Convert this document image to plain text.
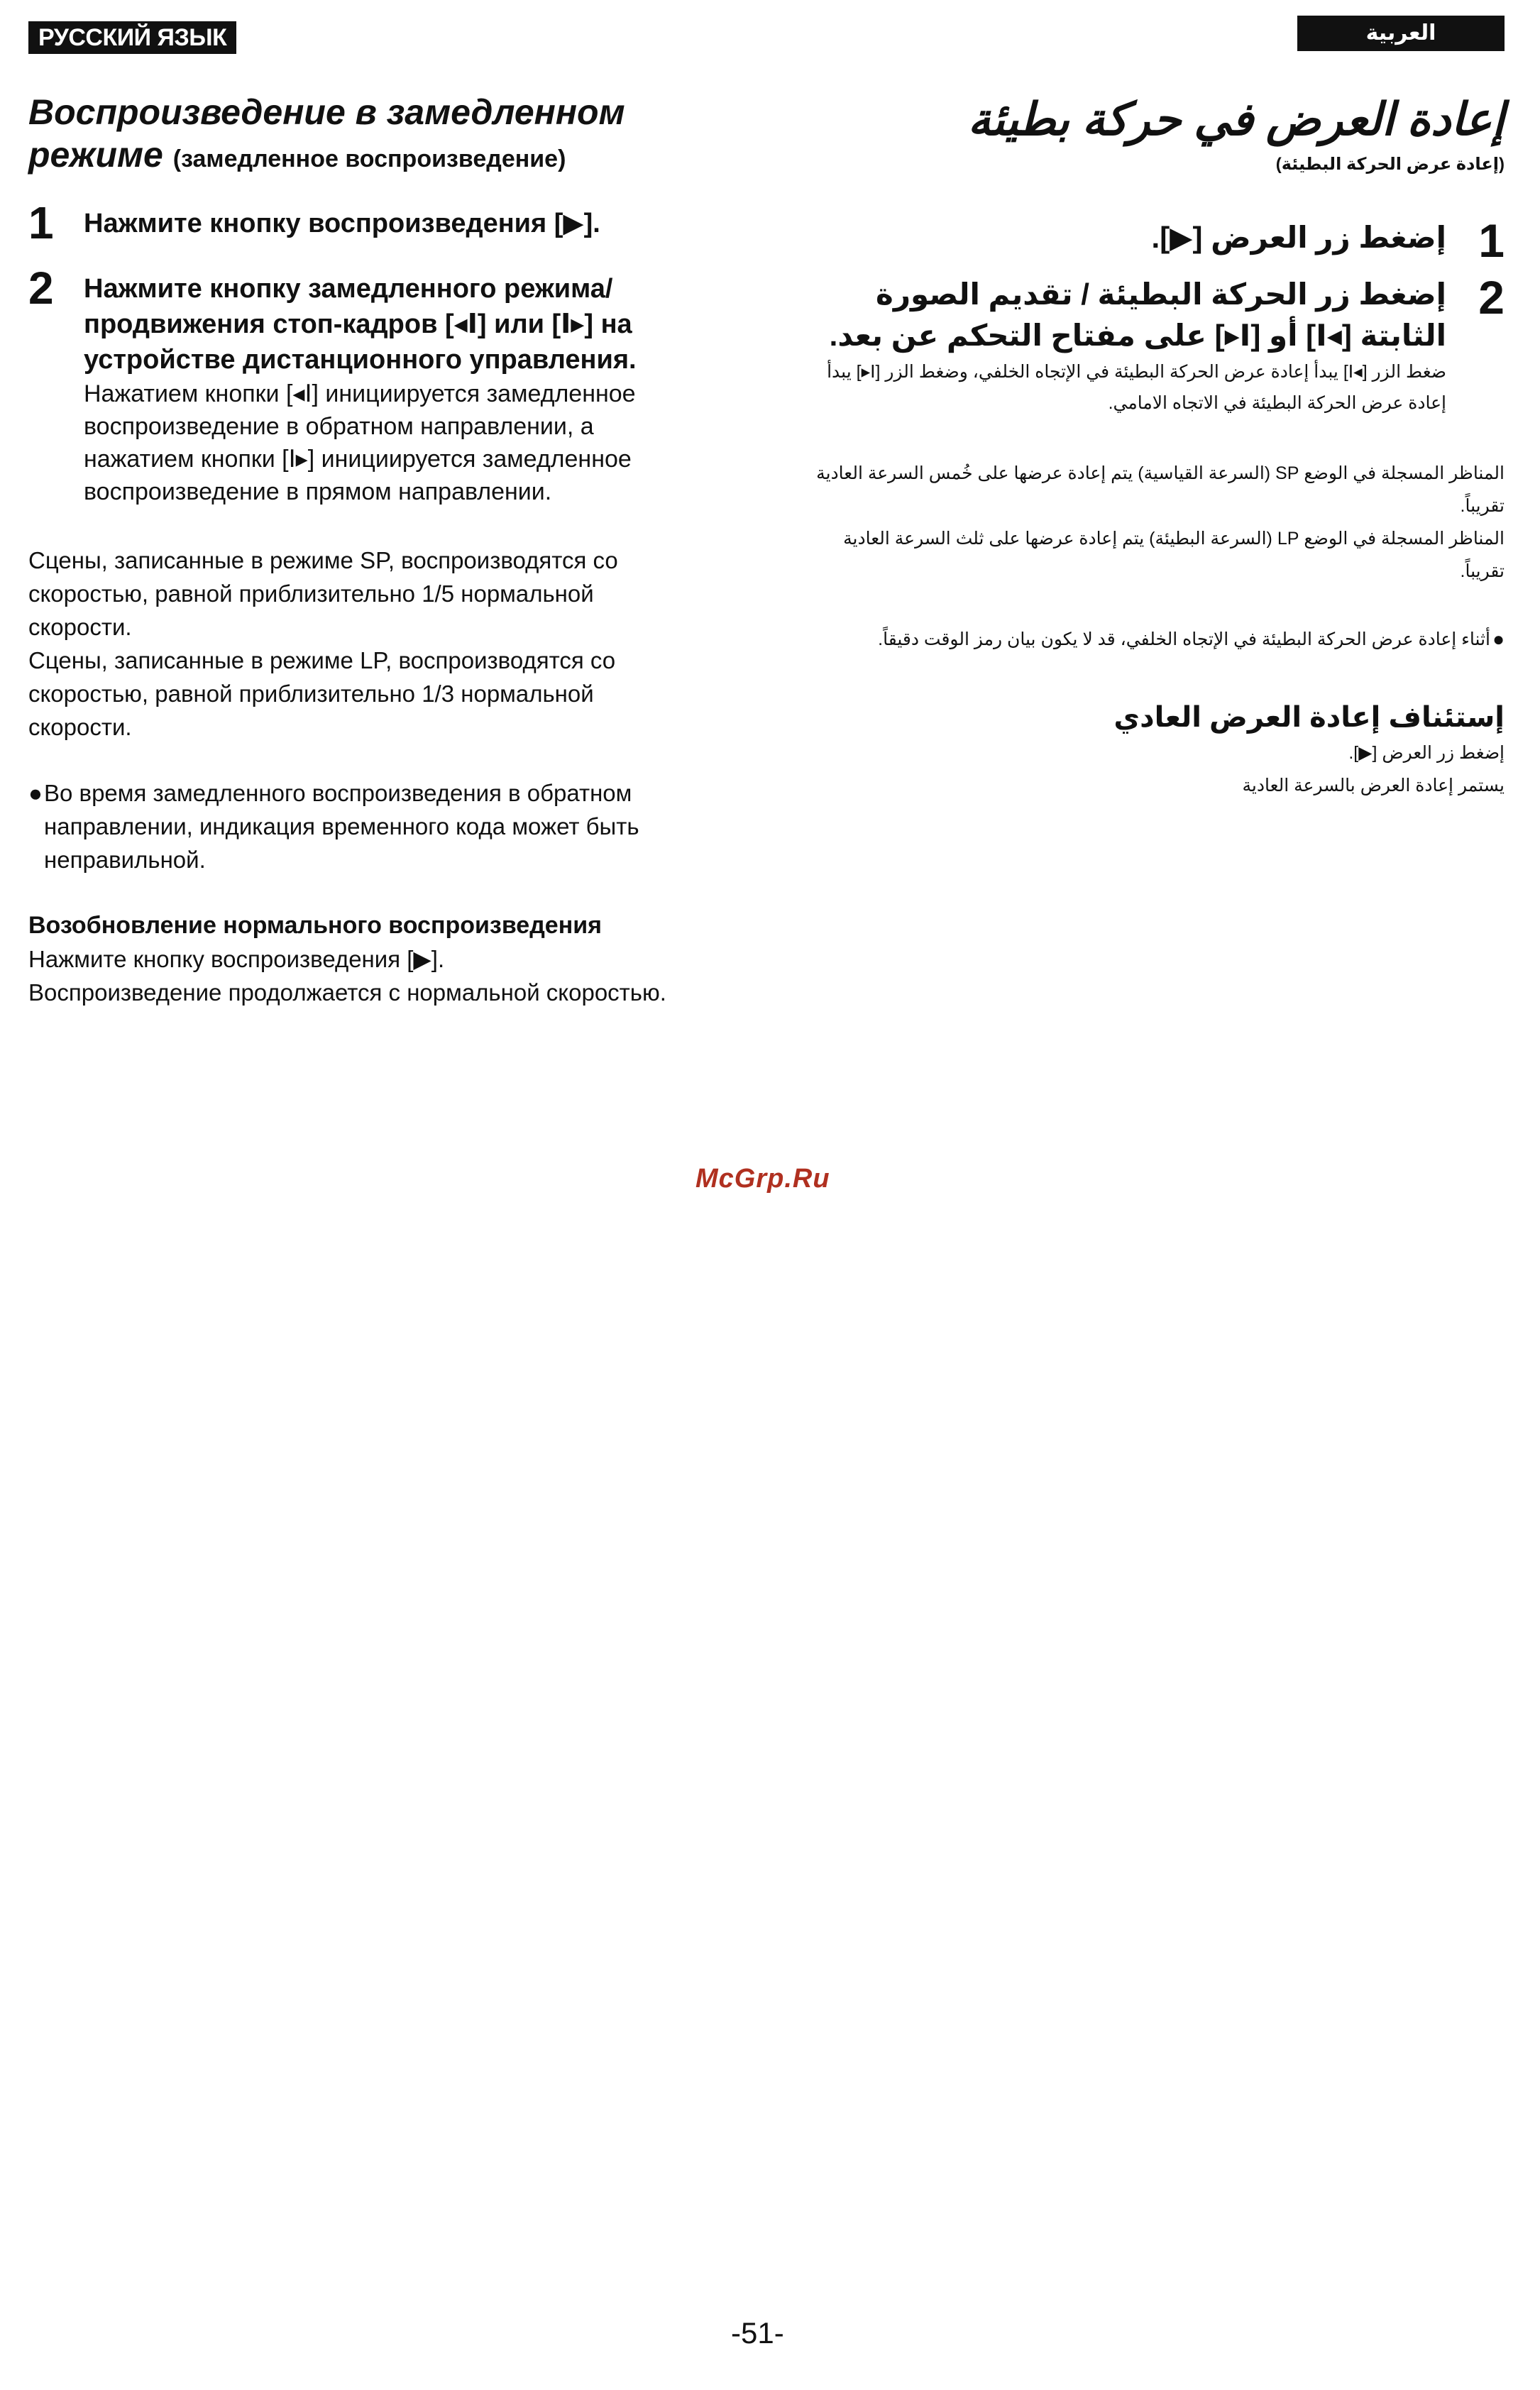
РУССКИЙ ЯЗЫК	العربية
Воспроизведение в замедленном
режиме (замедленное воспроизведение)
1	Нажмите кнопку воспроизведения [▶].
2	Нажмите кнопку замедленного режима/ продвижения стоп-кадров [◂Ⅰ] или [Ⅰ▸] на устройстве дистанционного управления.
Нажатием кнопки [◂Ⅰ] инициируется замедленное воспроизведение в обратном направлении, а нажатием кнопки [Ⅰ▸] инициируется замедленное воспроизведение в прямом направлении.

Сцены, записанные в режиме SP, воспроизводятся со скоростью, равной приблизительно 1/5 нормальной скорости.

Сцены, записанные в режиме LP, воспроизводятся со скоростью, равной приблизительно 1/3 нормальной скорости.

● Во время замедленного воспроизведения в обратном направлении, индикация временного кода может быть неправильной.

Возобновление нормального воспроизведения

Нажмите кнопку воспроизведения [▶].

Воспроизведение продолжается с нормальной скоростью.

إعادة العرض في حركة بطيئة
(إعادة عرض الحركة البطيئة)
1
إضغط زر العرض [▶].
2
إضغط زر الحركة البطيئة / تقديم الصورة الثابتة [◂Ⅰ] أو [Ⅰ▸] على مفتاح التحكم عن بعد.
ضغط الزر [◂Ⅰ] يبدأ إعادة عرض الحركة البطيئة في الإتجاه الخلفي، وضغط الزر [Ⅰ▸] يبدأ إعادة عرض الحركة البطيئة في الاتجاه الامامي.

المناظر المسجلة في الوضع SP (السرعة القياسية) يتم إعادة عرضها على خُمس السرعة العادية تقريباً.

المناظر المسجلة في الوضع LP (السرعة البطيئة) يتم إعادة عرضها على ثلث السرعة العادية تقريباً.

●
أثناء إعادة عرض الحركة البطيئة في الإتجاه الخلفي، قد لا يكون بيان رمز الوقت دقيقاً.

إستئناف إعادة العرض العادي

إضغط زر العرض [▶].

يستمر إعادة العرض بالسرعة العادية

McGrp.Ru
-51-
